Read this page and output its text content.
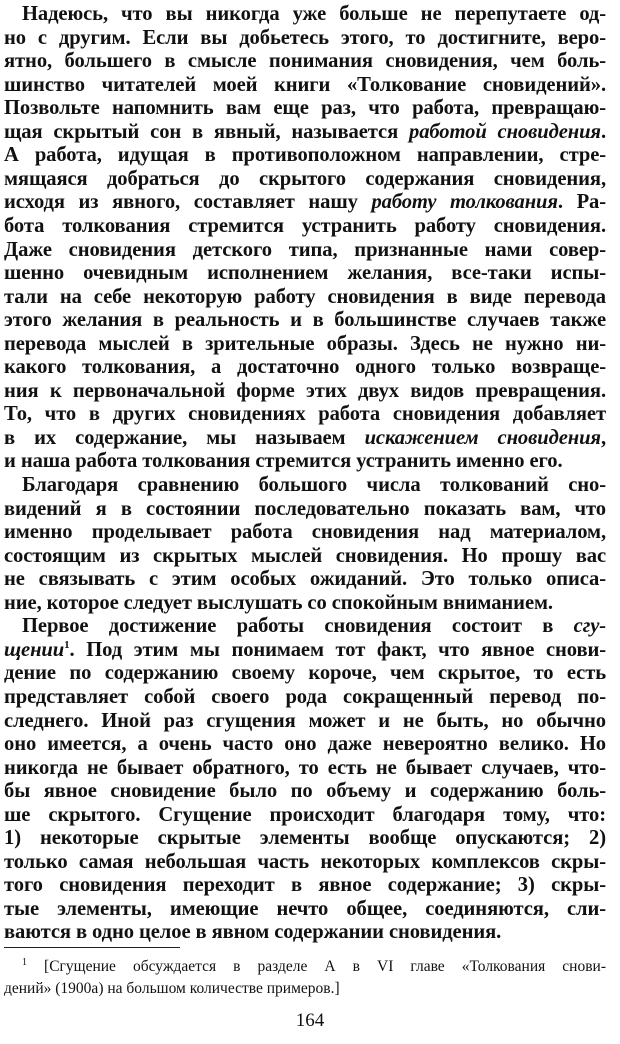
Надеюсь, что вы никогда уже больше не перепутаете од-
но с другим. Если вы добьетесь этого, то достигните, веро-
ятно, большего в смысле понимания сновидения, чем боль-
шинство читателей моей книги «Толкование сновидений».
Позвольте напомнить вам еще раз, что работа, превращаю-
щая скрытый сон в явный, называется работой сновидения.
А работа, идущая в противоположном направлении, стре-
мящаяся добраться до скрытого содержания сновидения,
исходя из явного, составляет нашу работу толкования. Ра-
бота толкования стремится устранить работу сновидения.
Даже сновидения детского типа, признанные нами совер-
шенно очевидным исполнением желания, все-таки испы-
тали на себе некоторую работу сновидения в виде перевода
этого желания в реальность и в большинстве случаев также
перевода мыслей в зрительные образы. Здесь не нужно ни-
какого толкования, а достаточно одного только возвраще-
ния к первоначальной форме этих двух видов превращения.
То, что в других сновидениях работа сновидения добавляет
в их содержание, мы называем искажением сновидения,
и наша работа толкования стремится устранить именно его.
Благодаря сравнению большого числа толкований сно-
видений я в состоянии последовательно показать вам, что
именно проделывает работа сновидения над материалом,
состоящим из скрытых мыслей сновидения. Но прошу вас
не связывать с этим особых ожиданий. Это только описа-
ние, которое следует выслушать со спокойным вниманием.
Первое достижение работы сновидения состоит в сгу-
щении$^1$. Под этим мы понимаем тот факт, что явное снови-
дение по содержанию своему короче, чем скрытое, то есть
представляет собой своего рода сокращенный перевод по-
следнего. Иной раз сгущения может и не быть, но обычно
оно имеется, а очень часто оно даже невероятно велико. Но
никогда не бывает обратного, то есть не бывает случаев, что-
бы явное сновидение было по объему и содержанию боль-
ше скрытого. Сгущение происходит благодаря тому, что:
1) некоторые скрытые элементы вообще опускаются; 2)
только самая небольшая часть некоторых комплексов скры-
того сновидения переходит в явное содержание; 3) скры-
тые элементы, имеющие нечто общее, соединяются, сли-
ваются в одно целое в явном содержании сновидения.
$^1$ [Сгущение обсуждается в разделе А в VI главе «Толкования снови-
дений» (1900а) на большом количестве примеров.]
164
